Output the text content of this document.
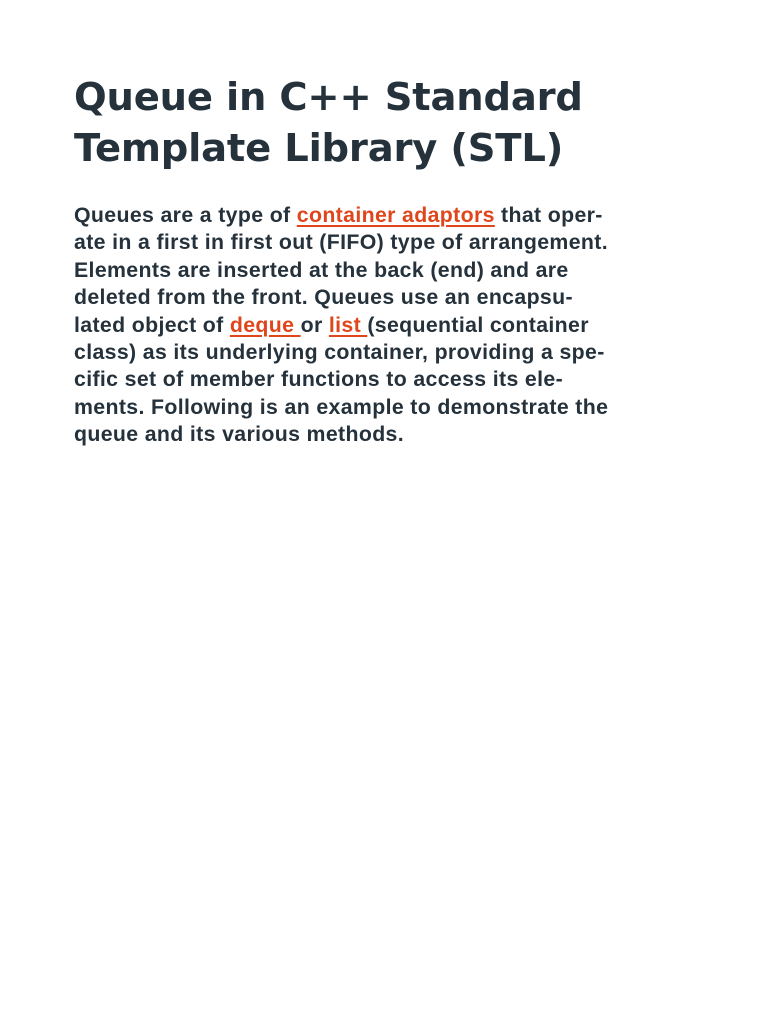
Queue in C++ Standard
Template Library (STL)

Queues are a type of container adaptors that oper-
ate in a first in first out (FIFO) type of arrangement.
Elements are inserted at the back (end) and are
deleted from the front. Queues use an encapsu-
lated object of deque or list (sequential container
class) as its underlying container, providing a spe-
cific set of member functions to access its ele-
ments. Following is an example to demonstrate the
queue and its various methods.
